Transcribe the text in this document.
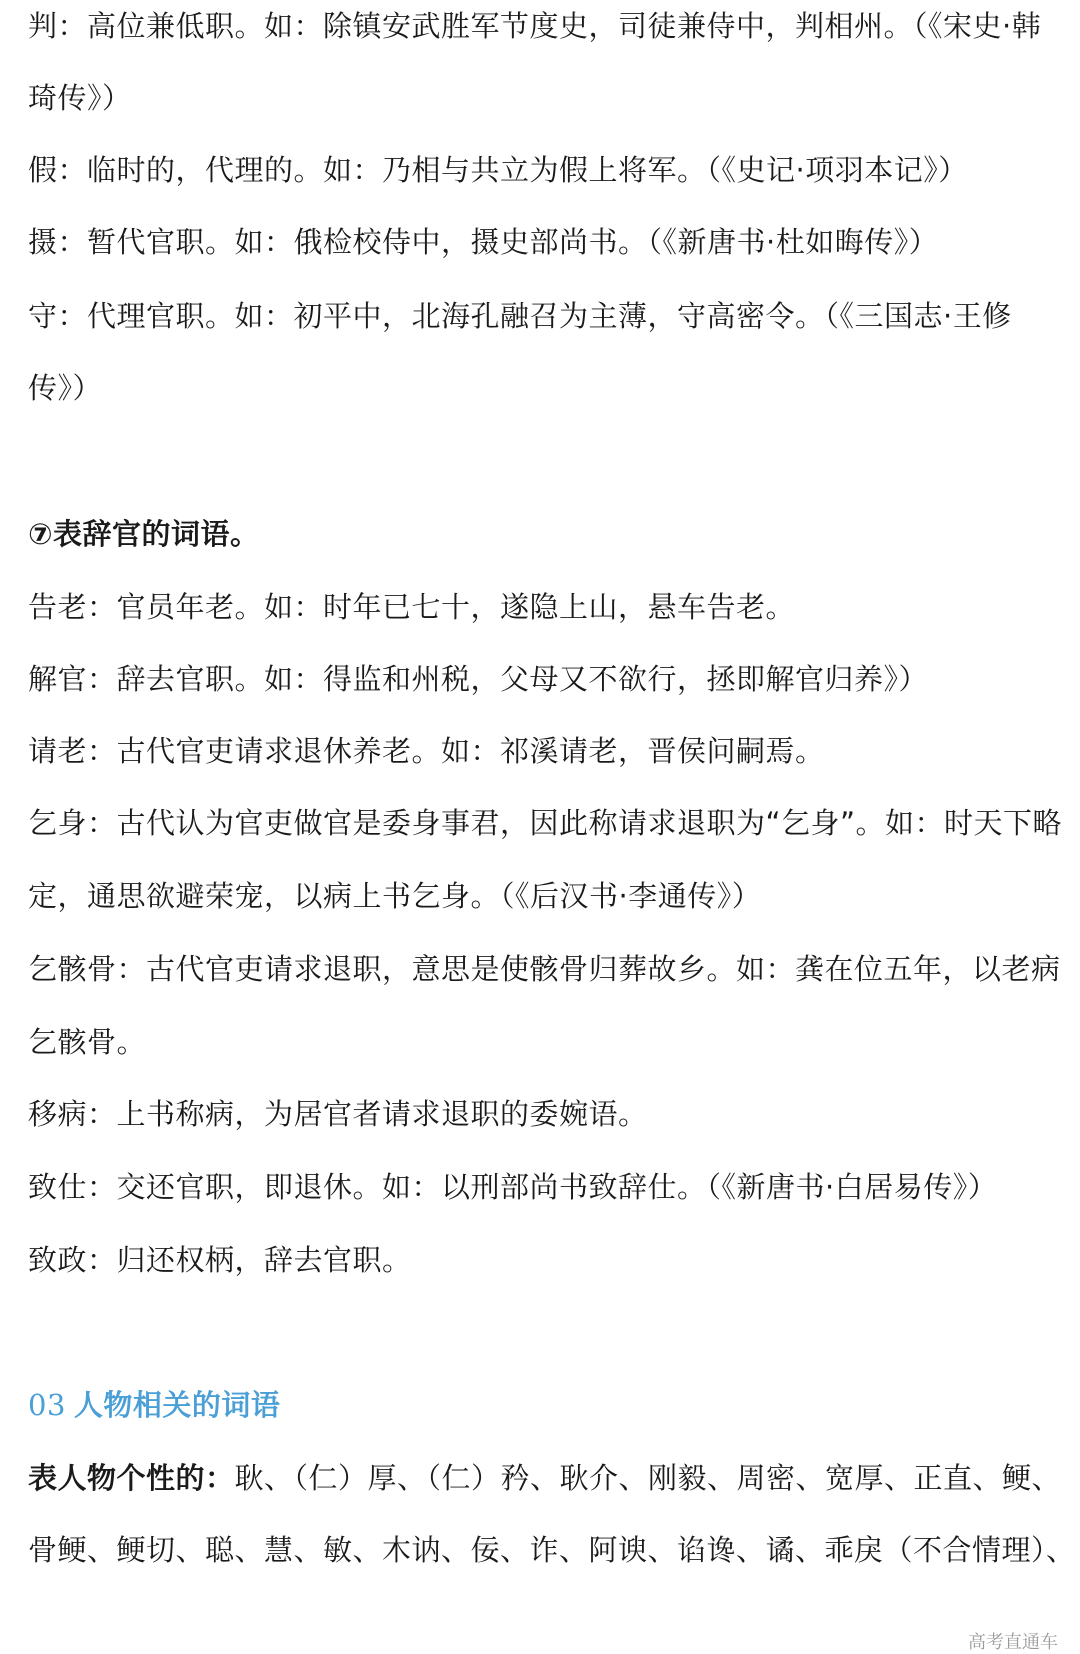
判：高位兼低职。如：除镇安武胜军节度史，司徒兼侍中，判相州。（《宋史·韩
琦传》）
假：临时的，代理的。如：乃相与共立为假上将军。（《史记·项羽本记》）
摄：暂代官职。如：俄检校侍中，摄史部尚书。（《新唐书·杜如晦传》）
守：代理官职。如：初平中，北海孔融召为主薄，守高密令。（《三国志·王修
传》）
⑦表辞官的词语。
告老：官员年老。如：时年已七十，遂隐上山，悬车告老。
解官：辞去官职。如：得监和州税，父母又不欲行，拯即解官归养》）
请老：古代官吏请求退休养老。如：祁溪请老，晋侯问嗣焉。
乞身：古代认为官吏做官是委身事君，因此称请求退职为“乞身”。如：时天下略
定，通思欲避荣宠，以病上书乞身。（《后汉书·李通传》）
乞骸骨：古代官吏请求退职，意思是使骸骨归葬故乡。如：龚在位五年，以老病
乞骸骨。
移病：上书称病，为居官者请求退职的委婉语。
致仕：交还官职，即退休。如：以刑部尚书致辞仕。（《新唐书·白居易传》）
致政：归还权柄，辞去官职。
03 人物相关的词语
表人物个性的：耿、（仁）厚、（仁）矜、耿介、刚毅、周密、宽厚、正直、鲠、
骨鲠、鲠切、聪、慧、敏、木讷、佞、诈、阿谀、谄谗、谲、乖戾（不合情理）、
高考直通车
